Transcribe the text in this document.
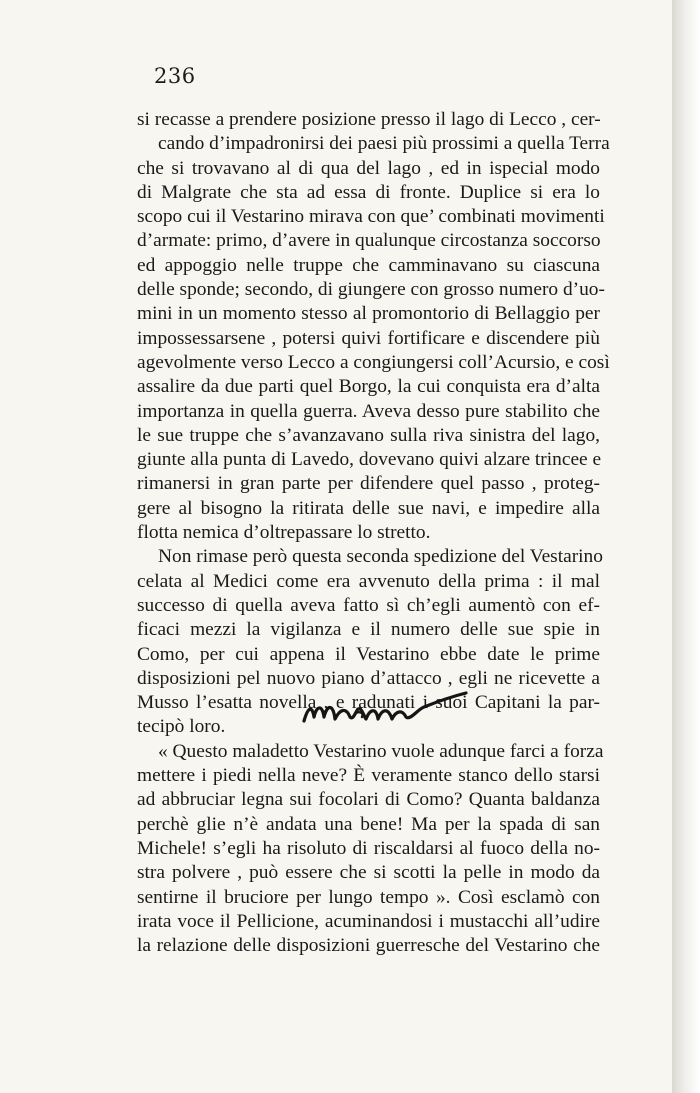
236
si recasse a prendere posizione presso il lago di Lecco , cer-
cando d’impadronirsi dei paesi più prossimi a quella Terra
che si trovavano al di qua del lago , ed in ispecial modo
di Malgrate che sta ad essa di fronte. Duplice si era lo
scopo cui il Vestarino mirava con que’ combinati movimenti
d’armate: primo, d’avere in qualunque circostanza soccorso
ed appoggio nelle truppe che camminavano su ciascuna
delle sponde; secondo, di giungere con grosso numero d’uo-
mini in un momento stesso al promontorio di Bellaggio per
impossessarsene , potersi quivi fortificare e discendere più
agevolmente verso Lecco a congiungersi coll’Acursio, e così
assalire da due parti quel Borgo, la cui conquista era d’alta
importanza in quella guerra. Aveva desso pure stabilito che
le sue truppe che s’avanzavano sulla riva sinistra del lago,
giunte alla punta di Lavedo, dovevano quivi alzare trincee e
rimanersi in gran parte per difendere quel passo , proteg-
gere al bisogno la ritirata delle sue navi, e impedire alla
flotta nemica d’oltrepassare lo stretto.
Non rimase però questa seconda spedizione del Vestarino
celata al Medici come era avvenuto della prima : il mal
successo di quella aveva fatto sì ch’egli aumentò con ef-
ficaci mezzi la vigilanza e il numero delle sue spie in
Como, per cui appena il Vestarino ebbe date le prime
disposizioni pel nuovo piano d’attacco , egli ne ricevette a
Musso l’esatta novella , e radunati i suoi Capitani la par-
tecipò loro.
« Questo maladetto Vestarino vuole adunque farci a forza
mettere i piedi nella neve? È veramente stanco dello starsi
ad abbruciar legna sui focolari di Como? Quanta baldanza
perchè glie n’è andata una bene! Ma per la spada di san
Michele! s’egli ha risoluto di riscaldarsi al fuoco della no-
stra polvere , può essere che si scotti la pelle in modo da
sentirne il bruciore per lungo tempo ». Così esclamò con
irata voce il Pellicione, acuminandosi i mustacchi all’udire
la relazione delle disposizioni guerresche del Vestarino che
